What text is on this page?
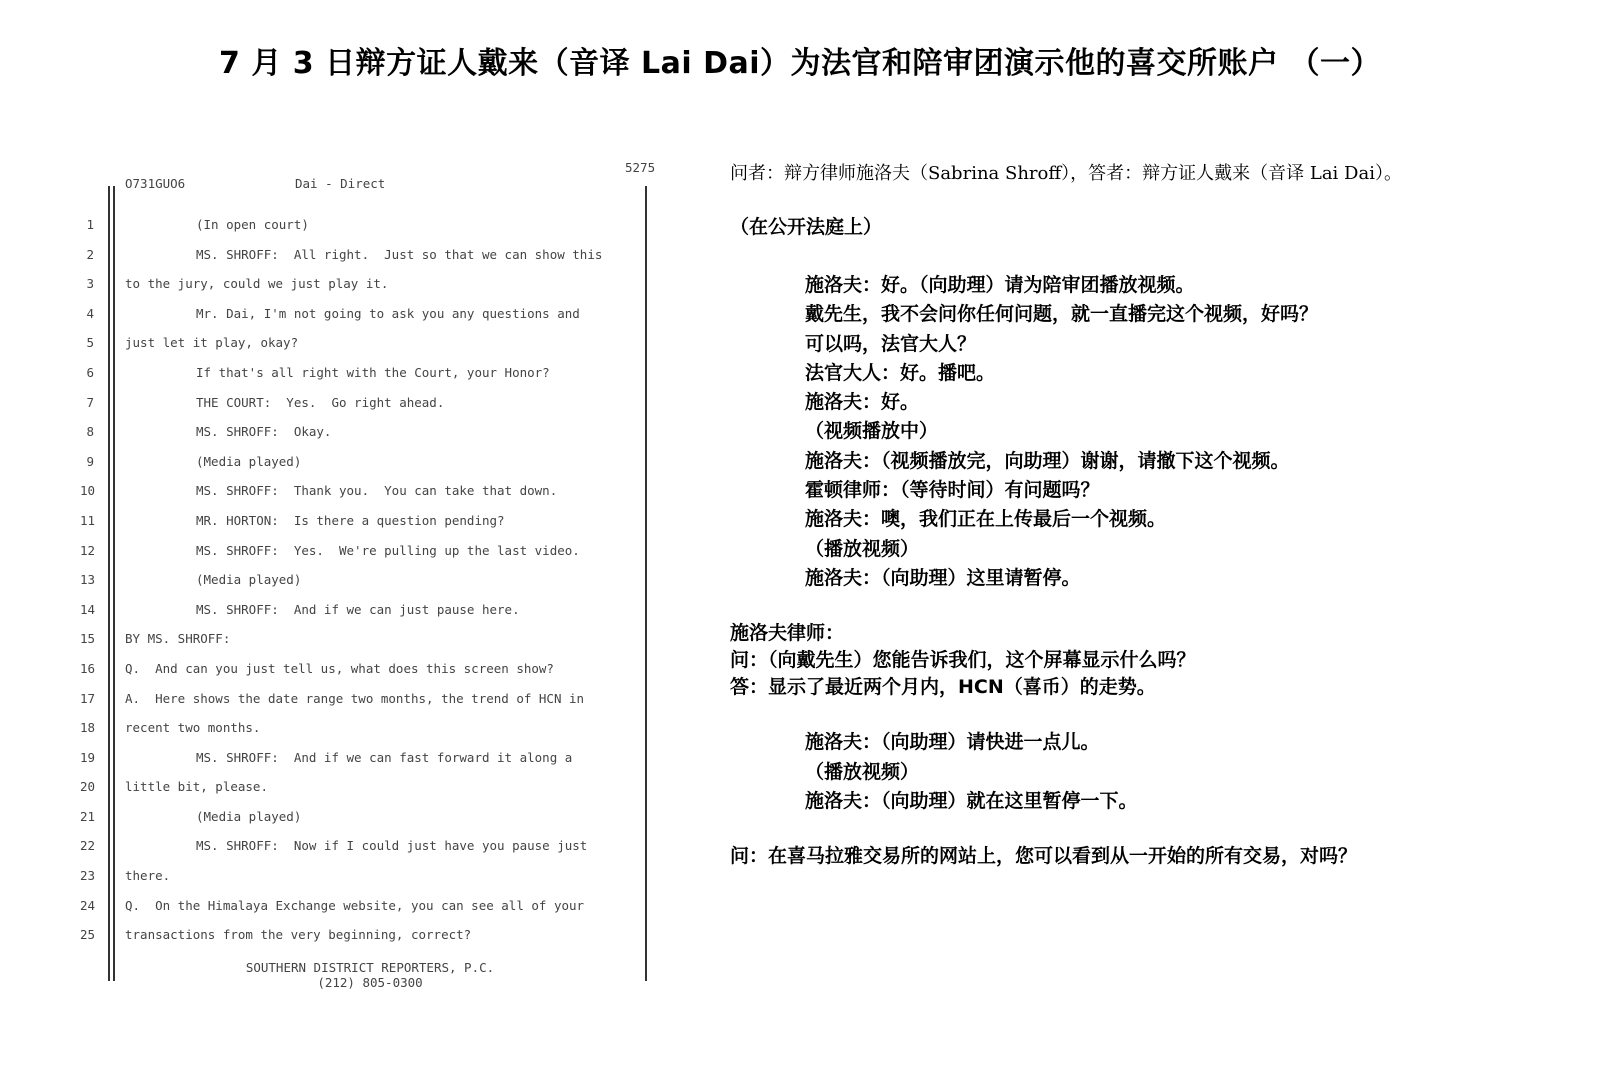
7 月 3 日辩方证人戴来（音译 Lai Dai）为法官和陪审团演示他的喜交所账户 （一）
5275
O731GUO6	Dai - Direct
1	(In open court)
2	MS. SHROFF:  All right.  Just so that we can show this
3 to the jury, could we just play it.
4	Mr. Dai, I'm not going to ask you any questions and
5 just let it play, okay?
6	If that's all right with the Court, your Honor?
7	THE COURT:  Yes.  Go right ahead.
8	MS. SHROFF:  Okay.
9	(Media played)
10	MS. SHROFF:  Thank you.  You can take that down.
11	MR. HORTON:  Is there a question pending?
12	MS. SHROFF:  Yes.  We're pulling up the last video.
13	(Media played)
14	MS. SHROFF:  And if we can just pause here.
15 BY MS. SHROFF:
16 Q.  And can you just tell us, what does this screen show?
17 A.  Here shows the date range two months, the trend of HCN in
18 recent two months.
19	MS. SHROFF:  And if we can fast forward it along a
20 little bit, please.
21	(Media played)
22	MS. SHROFF:  Now if I could just have you pause just
23 there.
24 Q.  On the Himalaya Exchange website, you can see all of your
25 transactions from the very beginning, correct?
SOUTHERN DISTRICT REPORTERS, P.C.
(212) 805-0300

问者：辩方律师施洛夫（Sabrina Shroff），答者：辩方证人戴来（音译 Lai Dai）。

（在公开法庭上）

施洛夫：好。（向助理）请为陪审团播放视频。

戴先生，我不会问你任何问题，就一直播完这个视频，好吗？

可以吗，法官大人？

法官大人：好。播吧。

施洛夫：好。

（视频播放中）

施洛夫：（视频播放完，向助理）谢谢，请撤下这个视频。

霍顿律师：（等待时间）有问题吗？

施洛夫：噢，我们正在上传最后一个视频。

（播放视频）

施洛夫：（向助理）这里请暂停。

施洛夫律师：

问：（向戴先生）您能告诉我们，这个屏幕显示什么吗？

答：显示了最近两个月内，HCN（喜币）的走势。

施洛夫：（向助理）请快进一点儿。

（播放视频）

施洛夫：（向助理）就在这里暂停一下。

问：在喜马拉雅交易所的网站上，您可以看到从一开始的所有交易，对吗？
